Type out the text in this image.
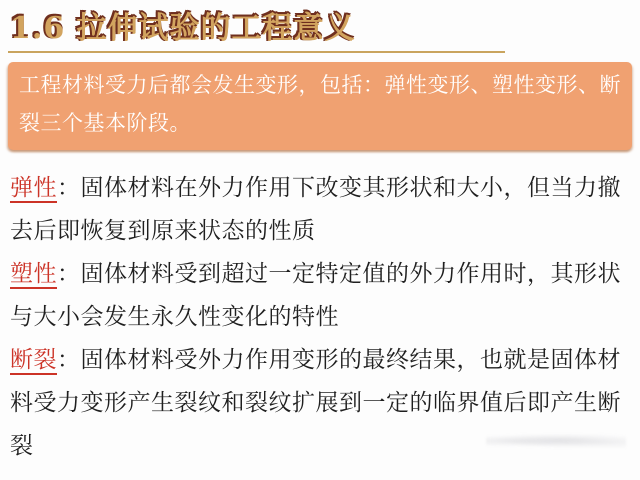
1.6 拉伸试验的工程意义
工程材料受力后都会发生变形，包括：弹性变形、塑性变形、断裂三个基本阶段。

弹性：固体材料在外力作用下改变其形状和大小，但当力撤去后即恢复到原来状态的性质

塑性：固体材料受到超过一定特定值的外力作用时，其形状与大小会发生永久性变化的特性

断裂：固体材料受外力作用变形的最终结果，也就是固体材料受力变形产生裂纹和裂纹扩展到一定的临界值后即产生断裂
